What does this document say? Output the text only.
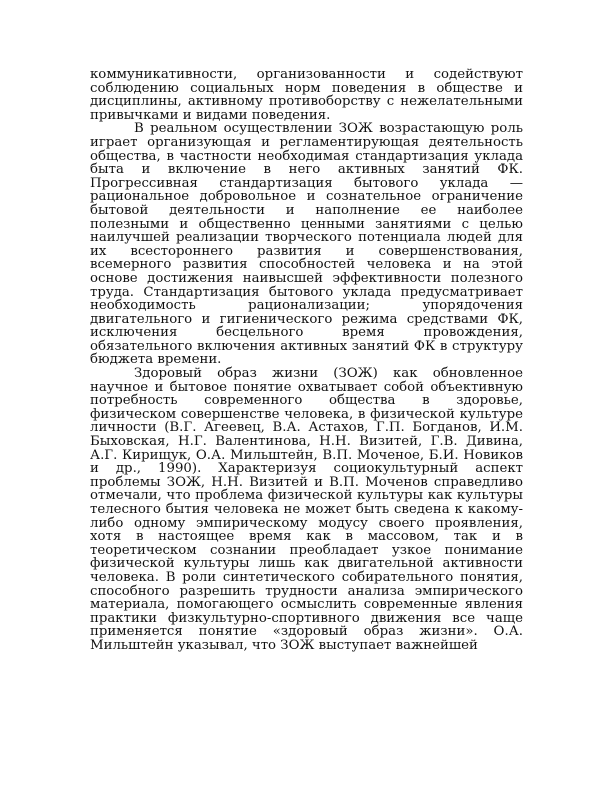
коммуникативности, организованности и содействуют соблюдению социальных норм поведения в обществе и дисциплины, активному противоборству с нежелательными привычками и видами поведения.

В реальном осуществлении ЗОЖ возрастающую роль играет организующая и регламентирующая деятельность общества, в частности необходимая стандартизация уклада быта и включение в него активных занятий ФК. Прогрессивная стандартизация бытового уклада — рациональное добровольное и сознательное ограничение бытовой деятельности и наполнение ее наиболее полезными и общественно ценными занятиями с целью наилучшей реализации творческого потенциала людей для их всестороннего развития и совершенствования, всемерного развития способностей человека и на этой основе достижения наивысшей эффективности полезного труда. Стандартизация бытового уклада предусматривает необходимость рационализации; упорядочения двигательного и гигиенического режима средствами ФК, исключения бесцельного время провождения, обязательного включения активных занятий ФК в структуру бюджета времени.

Здоровый образ жизни (ЗОЖ) как обновленное научное и бытовое понятие охватывает собой объективную потребность современного общества в здоровье, физическом совершенстве человека, в физической культуре личности (В.Г. Агеевец, В.А. Астахов, Г.П. Богданов, И.М. Быховская, Н.Г. Валентинова, Н.Н. Визитей, Г.В. Дивина, А.Г. Кирищук, О.А. Мильштейн, В.П. Моченое, Б.И. Новиков и др., 1990). Характеризуя социокультурный аспект проблемы ЗОЖ, Н.Н. Визитей и В.П. Моченов справедливо отмечали, что проблема физической культуры как культуры телесного бытия человека не может быть сведена к какому-либо одному эмпирическому модусу своего проявления, хотя в настоящее время как в массовом, так и в теоретическом сознании преобладает узкое понимание физической культуры лишь как двигательной активности человека. В роли синтетического собирательного понятия, способного разрешить трудности анализа эмпирического материала, помогающего осмыслить современные явления практики физкультурно-спортивного движения все чаще применяется понятие «здоровый образ жизни». О.А. Мильштейн указывал, что ЗОЖ выступает важнейшей
